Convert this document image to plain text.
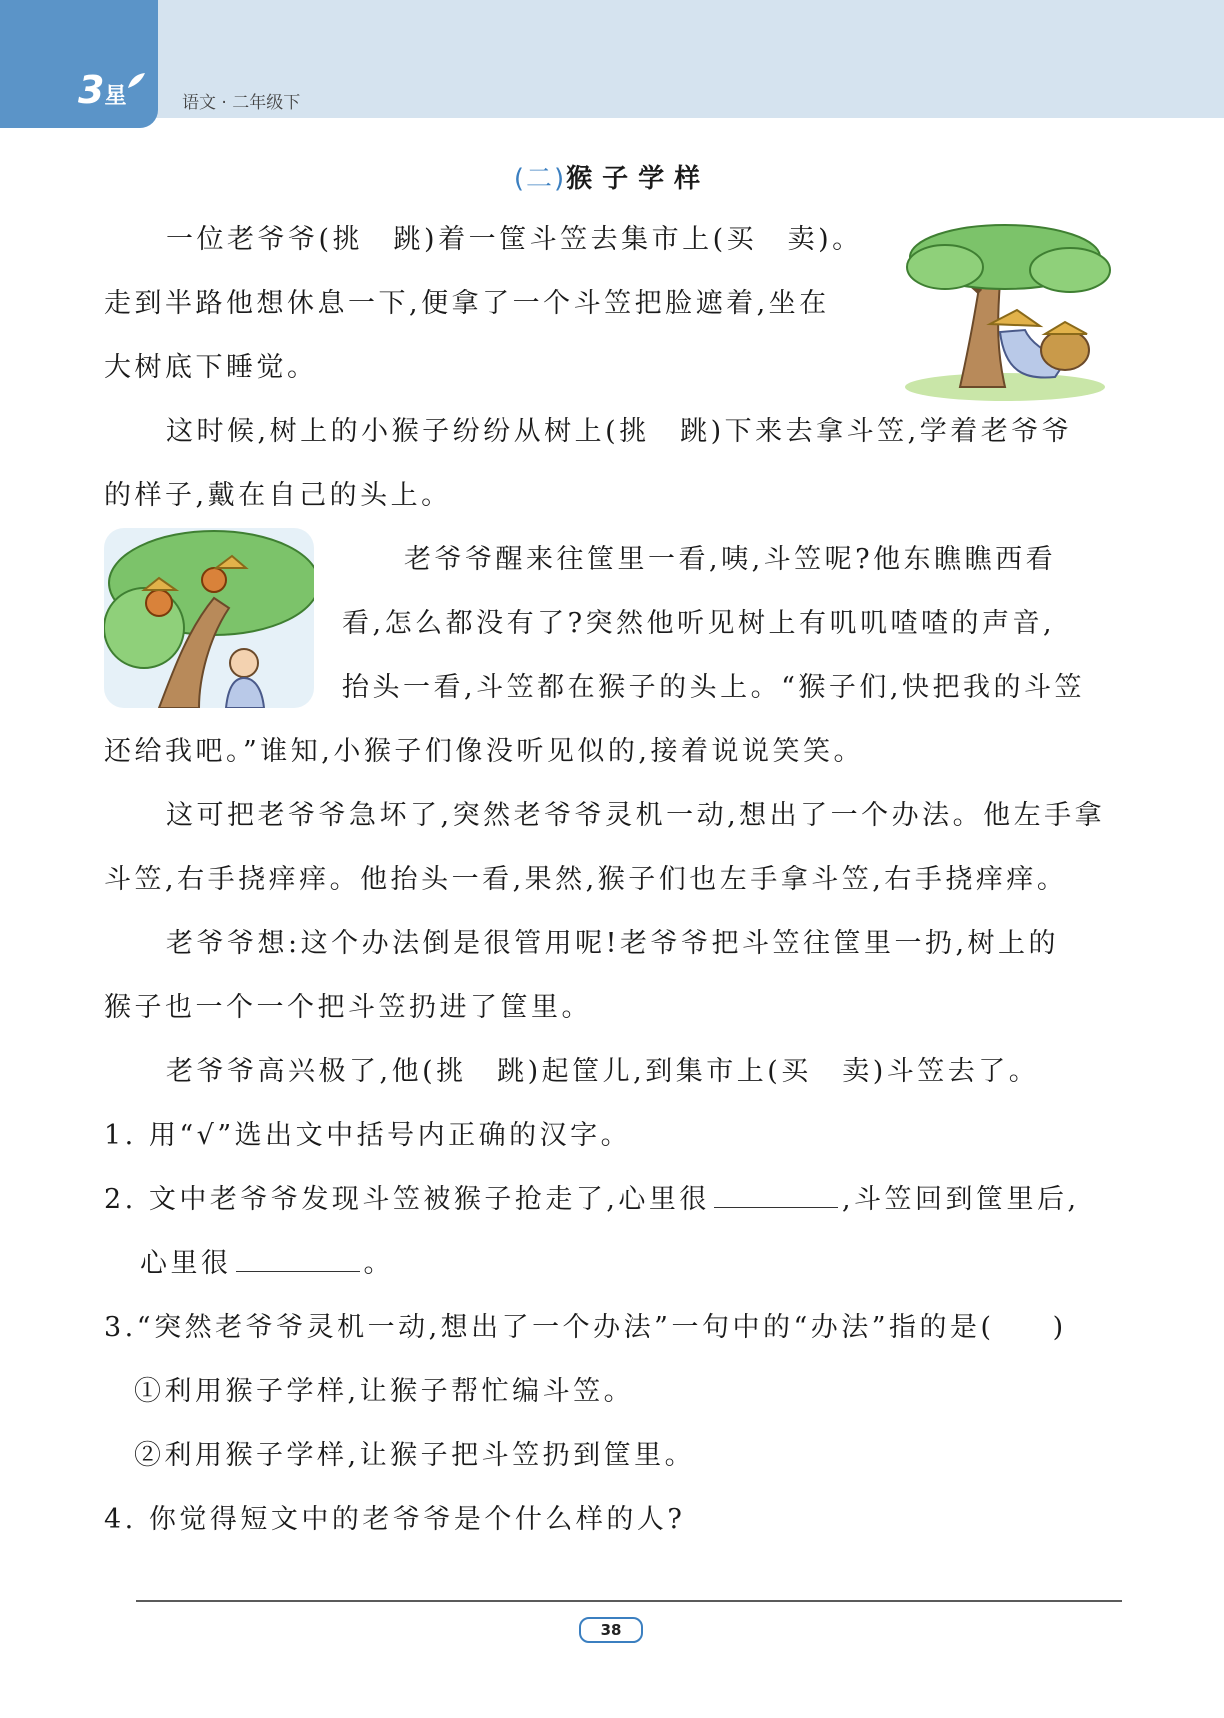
3星	语文 · 二年级下
(二)猴子学样
一位老爷爷(挑　跳)着一筐斗笠去集市上(买　卖)。
走到半路他想休息一下,便拿了一个斗笠把脸遮着,坐在
大树底下睡觉。
这时候,树上的小猴子纷纷从树上(挑　跳)下来去拿斗笠,学着老爷爷
的样子,戴在自己的头上。
老爷爷醒来往筐里一看,咦,斗笠呢?他东瞧瞧西看
看,怎么都没有了?突然他听见树上有叽叽喳喳的声音,
抬头一看,斗笠都在猴子的头上。“猴子们,快把我的斗笠
还给我吧。”谁知,小猴子们像没听见似的,接着说说笑笑。
这可把老爷爷急坏了,突然老爷爷灵机一动,想出了一个办法。他左手拿
斗笠,右手挠痒痒。他抬头一看,果然,猴子们也左手拿斗笠,右手挠痒痒。
老爷爷想:这个办法倒是很管用呢!老爷爷把斗笠往筐里一扔,树上的
猴子也一个一个把斗笠扔进了筐里。
老爷爷高兴极了,他(挑　跳)起筐儿,到集市上(买　卖)斗笠去了。
1. 用“√”选出文中括号内正确的汉字。
2. 文中老爷爷发现斗笠被猴子抢走了,心里很	,斗笠回到筐里后,
心里很	。
3.“突然老爷爷灵机一动,想出了一个办法”一句中的“办法”指的是( )
①利用猴子学样,让猴子帮忙编斗笠。
②利用猴子学样,让猴子把斗笠扔到筐里。
4. 你觉得短文中的老爷爷是个什么样的人?
38
